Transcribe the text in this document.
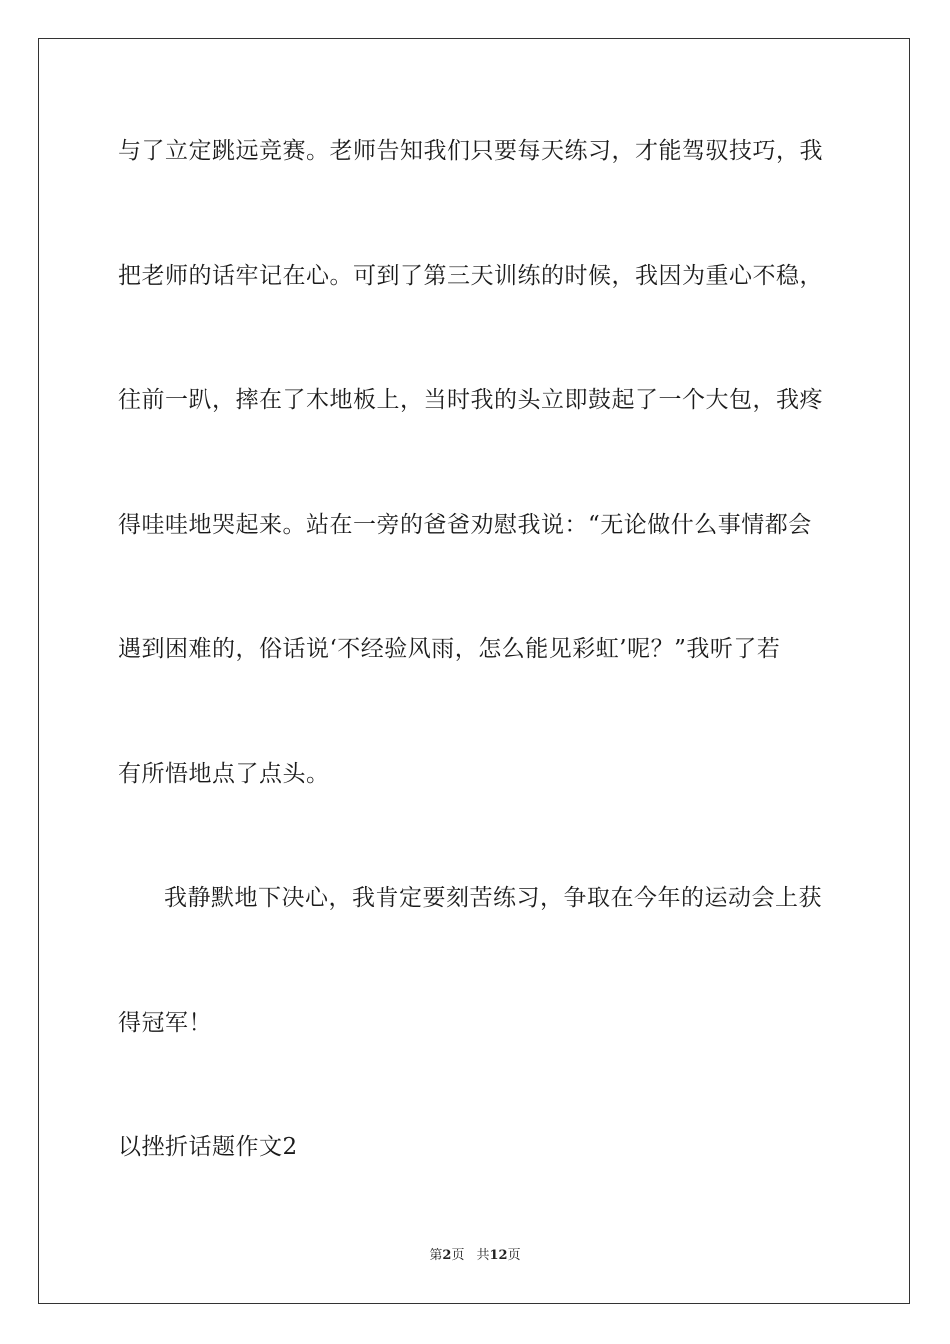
与了立定跳远竞赛。老师告知我们只要每天练习，才能驾驭技巧，我
把老师的话牢记在心。可到了第三天训练的时候，我因为重心不稳，
往前一趴，摔在了木地板上，当时我的头立即鼓起了一个大包，我疼
得哇哇地哭起来。站在一旁的爸爸劝慰我说：“无论做什么事情都会
遇到困难的，俗话说‘不经验风雨，怎么能见彩虹’呢？”我听了若
有所悟地点了点头。
我静默地下决心，我肯定要刻苦练习，争取在今年的运动会上获
得冠军！
以挫折话题作文2
第2页 共12页
